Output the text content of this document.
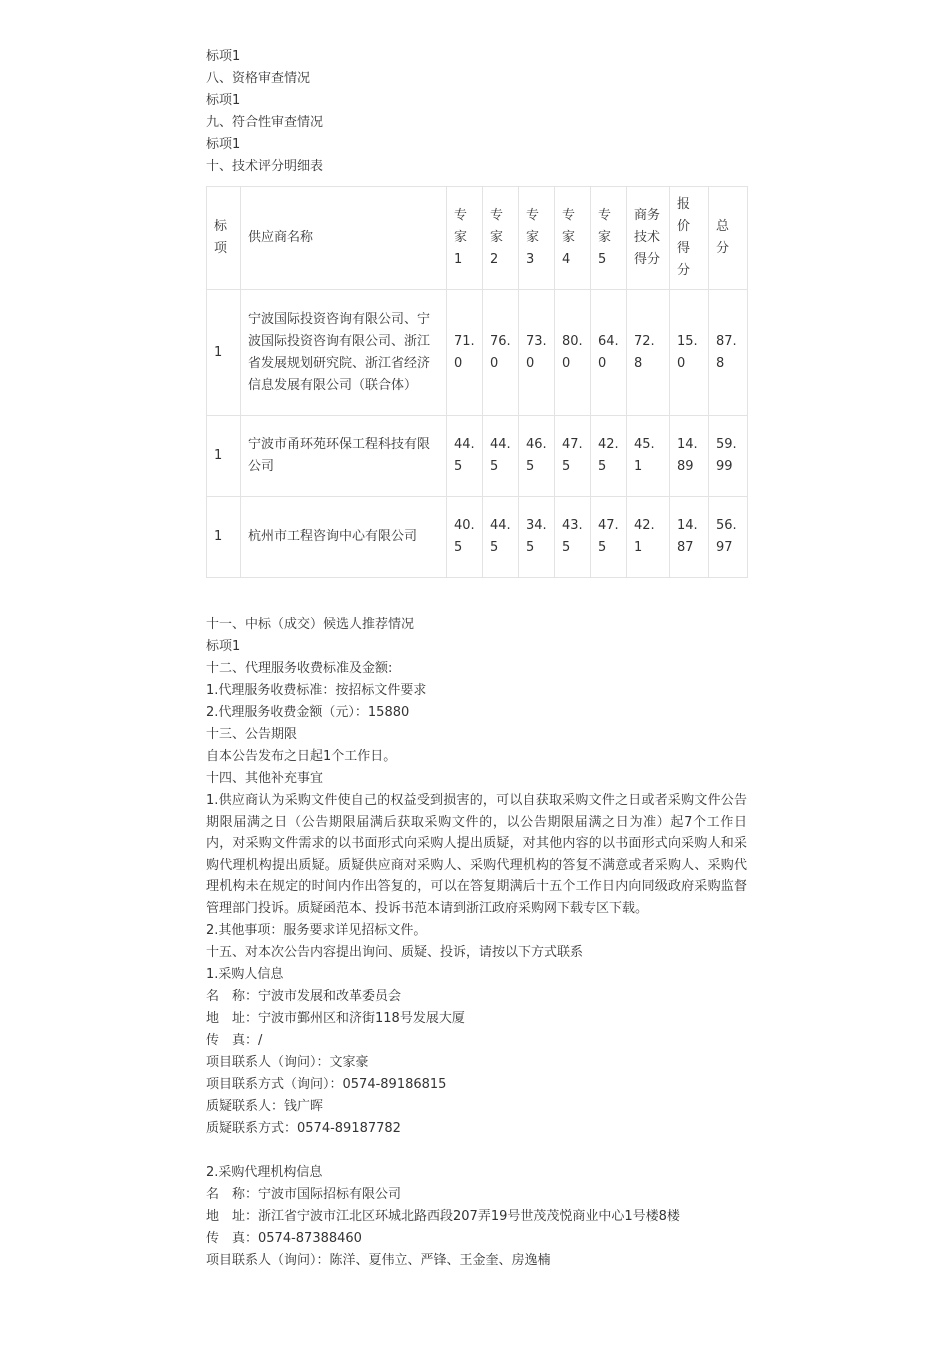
标项1
八、资格审查情况
标项1
九、符合性审查情况
标项1
十、技术评分明细表
标项	供应商名称	专家1	专家2	专家3	专家4	专家5	商务技术得分	报价得分	总分
1	宁波国际投资咨询有限公司、宁波国际投资咨询有限公司、浙江省发展规划研究院、浙江省经济信息发展有限公司（联合体）	71.0	76.0	73.0	80.0	64.0	72.8	15.0	87.8
1	宁波市甬环苑环保工程科技有限公司	44.5	44.5	46.5	47.5	42.5	45.1	14.89	59.99
1	杭州市工程咨询中心有限公司	40.5	44.5	34.5	43.5	47.5	42.1	14.87	56.97
十一、中标（成交）候选人推荐情况
标项1
十二、代理服务收费标准及金额:
1.代理服务收费标准：按招标文件要求
2.代理服务收费金额（元）：15880
十三、公告期限
自本公告发布之日起1个工作日。
十四、其他补充事宜
1.供应商认为采购文件使自己的权益受到损害的，可以自获取采购文件之日或者采购文件公告期限届满之日（公告期限届满后获取采购文件的，以公告期限届满之日为准）起7个工作日内，对采购文件需求的以书面形式向采购人提出质疑，对其他内容的以书面形式向采购人和采购代理机构提出质疑。质疑供应商对采购人、采购代理机构的答复不满意或者采购人、采购代理机构未在规定的时间内作出答复的，可以在答复期满后十五个工作日内向同级政府采购监督管理部门投诉。质疑函范本、投诉书范本请到浙江政府采购网下载专区下载。
2.其他事项：服务要求详见招标文件。
十五、对本次公告内容提出询问、质疑、投诉，请按以下方式联系
1.采购人信息
名　称：宁波市发展和改革委员会
地　址：宁波市鄞州区和济街118号发展大厦
传　真：/
项目联系人（询问）：文家豪
项目联系方式（询问）：0574-89186815
质疑联系人：钱广晖
质疑联系方式：0574-89187782
2.采购代理机构信息
名　称：宁波市国际招标有限公司
地　址：浙江省宁波市江北区环城北路西段207弄19号世茂茂悦商业中心1号楼8楼
传　真：0574-87388460
项目联系人（询问）：陈洋、夏伟立、严锋、王金奎、房逸楠
